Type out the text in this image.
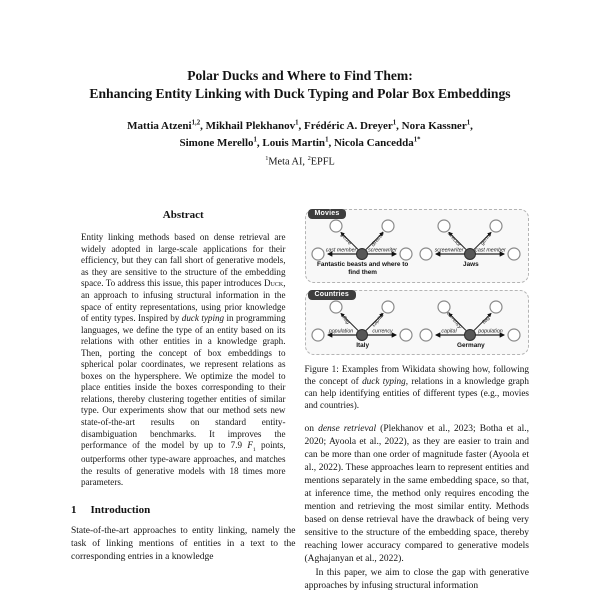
Polar Ducks and Where to Find Them:
Enhancing Entity Linking with Duck Typing and Polar Box Embeddings
Mattia Atzeni$^{1,2}$, Mikhail Plekhanov$^1$, Frédéric A. Dreyer$^1$, Nora Kassner$^1$,
Simone Merello$^1$, Louis Martin$^1$, Nicola Cancedda$^{1*}$
$^1$Meta AI, $^2$EPFL
Abstract
Entity linking methods based on dense retrieval are widely adopted in large-scale applications for their efficiency, but they can fall short of generative models, as they are sensitive to the structure of the embedding space. To address this issue, this paper introduces Duck, an approach to infusing structural information in the space of entity representations, using prior knowledge of entity types. Inspired by duck typing in programming languages, we define the type of an entity based on its relations with other entities in a knowledge graph. Then, porting the concept of box embeddings to spherical polar coordinates, we represent relations as boxes on the hypersphere. We optimize the model to place entities inside the boxes corresponding to their relations, thereby clustering together entities of similar type. Our experiments show that our method sets new state-of-the-art results on standard entity-disambiguation benchmarks. It improves the performance of the model by up to 7.9 $F_1$ points, outperforms other type-aware approaches, and matches the results of generative models with 18 times more parameters.
1 Introduction
State-of-the-art approaches to entity linking, namely the task of linking mentions of entities in a text to the corresponding entries in a knowledge
Movies
cast member
genre	director
screenwriter
Fantastic beasts and where to find them
screenwriter
director	genre
cast member
Jaws
Countries
population
flag	capital
currency
Italy
capital
currency	flag
population
Germany
Figure 1: Examples from Wikidata showing how, following the concept of duck typing, relations in a knowledge graph can help identifying entities of different types (e.g., movies and countries).
on dense retrieval (Plekhanov et al., 2023; Botha et al., 2020; Ayoola et al., 2022), as they are easier to train and can be more than one order of magnitude faster (Ayoola et al., 2022). These approaches learn to represent entities and mentions separately in the same embedding space, so that, at inference time, the method only requires encoding the mention and retrieving the most similar entity. Methods based on dense retrieval have the drawback of being very sensitive to the structure of the embedding space, thereby reaching lower accuracy compared to generative models (Aghajanyan et al., 2022).
In this paper, we aim to close the gap with generative approaches by infusing structural information
